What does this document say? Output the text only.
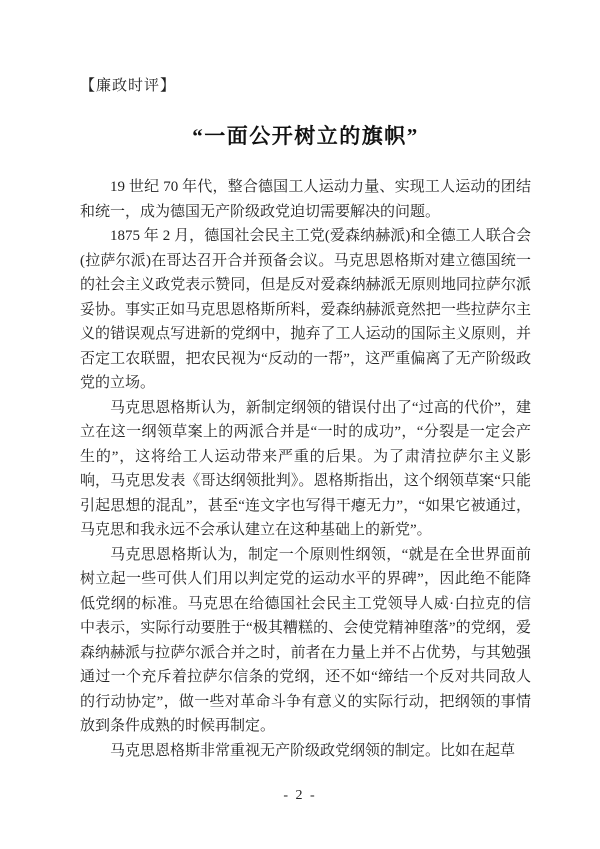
【廉政时评】
“一面公开树立的旗帜”

19 世纪 70 年代，整合德国工人运动力量、实现工人运动的团结和统一，成为德国无产阶级政党迫切需要解决的问题。

1875 年 2 月，德国社会民主工党(爱森纳赫派)和全德工人联合会(拉萨尔派)在哥达召开合并预备会议。马克思恩格斯对建立德国统一的社会主义政党表示赞同，但是反对爱森纳赫派无原则地同拉萨尔派妥协。事实正如马克思恩格斯所料，爱森纳赫派竟然把一些拉萨尔主义的错误观点写进新的党纲中，抛弃了工人运动的国际主义原则，并否定工农联盟，把农民视为“反动的一帮”，这严重偏离了无产阶级政党的立场。

马克思恩格斯认为，新制定纲领的错误付出了“过高的代价”，建立在这一纲领草案上的两派合并是“一时的成功”，“分裂是一定会产生的”，这将给工人运动带来严重的后果。为了肃清拉萨尔主义影响，马克思发表《哥达纲领批判》。恩格斯指出，这个纲领草案“只能引起思想的混乱”，甚至“连文字也写得干瘪无力”，“如果它被通过，马克思和我永远不会承认建立在这种基础上的新党”。

马克思恩格斯认为，制定一个原则性纲领，“就是在全世界面前树立起一些可供人们用以判定党的运动水平的界碑”，因此绝不能降低党纲的标准。马克思在给德国社会民主工党领导人威·白拉克的信中表示，实际行动要胜于“极其糟糕的、会使党精神堕落”的党纲，爱森纳赫派与拉萨尔派合并之时，前者在力量上并不占优势，与其勉强通过一个充斥着拉萨尔信条的党纲，还不如“缔结一个反对共同敌人的行动协定”，做一些对革命斗争有意义的实际行动，把纲领的事情放到条件成熟的时候再制定。

马克思恩格斯非常重视无产阶级政党纲领的制定。比如在起草

- 2 -
